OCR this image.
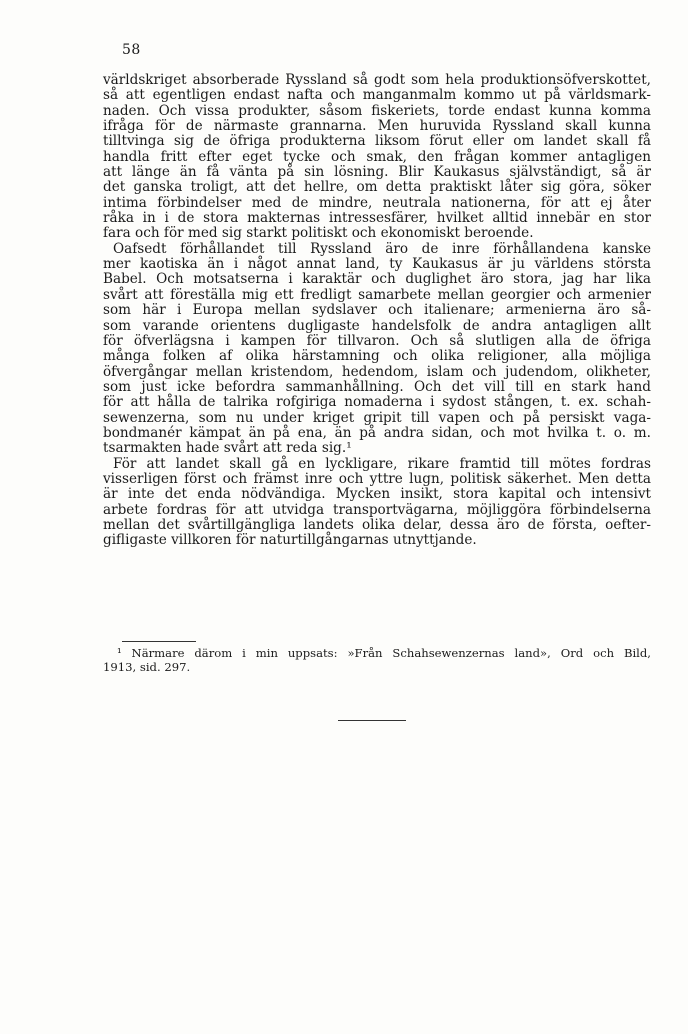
58
världskriget absorberade Ryssland så godt som hela produktionsöfverskottet,
så att egentligen endast nafta och manganmalm kommo ut på världsmark-
naden. Och vissa produkter, såsom fiskeriets, torde endast kunna komma
ifråga för de närmaste grannarna. Men huruvida Ryssland skall kunna
tilltvinga sig de öfriga produkterna liksom förut eller om landet skall få
handla fritt efter eget tycke och smak, den frågan kommer antagligen
att länge än få vänta på sin lösning. Blir Kaukasus självständigt, så är
det ganska troligt, att det hellre, om detta praktiskt låter sig göra, söker
intima förbindelser med de mindre, neutrala nationerna, för att ej åter
råka in i de stora makternas intressesfärer, hvilket alltid innebär en stor
fara och för med sig starkt politiskt och ekonomiskt beroende.
Oafsedt förhållandet till Ryssland äro de inre förhållandena kanske
mer kaotiska än i något annat land, ty Kaukasus är ju världens största
Babel. Och motsatserna i karaktär och duglighet äro stora, jag har lika
svårt att föreställa mig ett fredligt samarbete mellan georgier och armenier
som här i Europa mellan sydslaver och italienare; armenierna äro så-
som varande orientens dugligaste handelsfolk de andra antagligen allt
för öfverlägsna i kampen för tillvaron. Och så slutligen alla de öfriga
många folken af olika härstamning och olika religioner, alla möjliga
öfvergångar mellan kristendom, hedendom, islam och judendom, olikheter,
som just icke befordra sammanhållning. Och det vill till en stark hand
för att hålla de talrika rofgiriga nomaderna i sydost stången, t. ex. schah-
sewenzerna, som nu under kriget gripit till vapen och på persiskt vaga-
bondmanér kämpat än på ena, än på andra sidan, och mot hvilka t. o. m.
tsarmakten hade svårt att reda sig.¹
För att landet skall gå en lyckligare, rikare framtid till mötes fordras
visserligen först och främst inre och yttre lugn, politisk säkerhet. Men detta
är inte det enda nödvändiga. Mycken insikt, stora kapital och intensivt
arbete fordras för att utvidga transportvägarna, möjliggöra förbindelserna
mellan det svårtillgängliga landets olika delar, dessa äro de första, oefter-
gifligaste villkoren för naturtillgångarnas utnyttjande.
¹ Närmare därom i min uppsats: »Från Schahsewenzernas land», Ord och Bild,
1913, sid. 297.
